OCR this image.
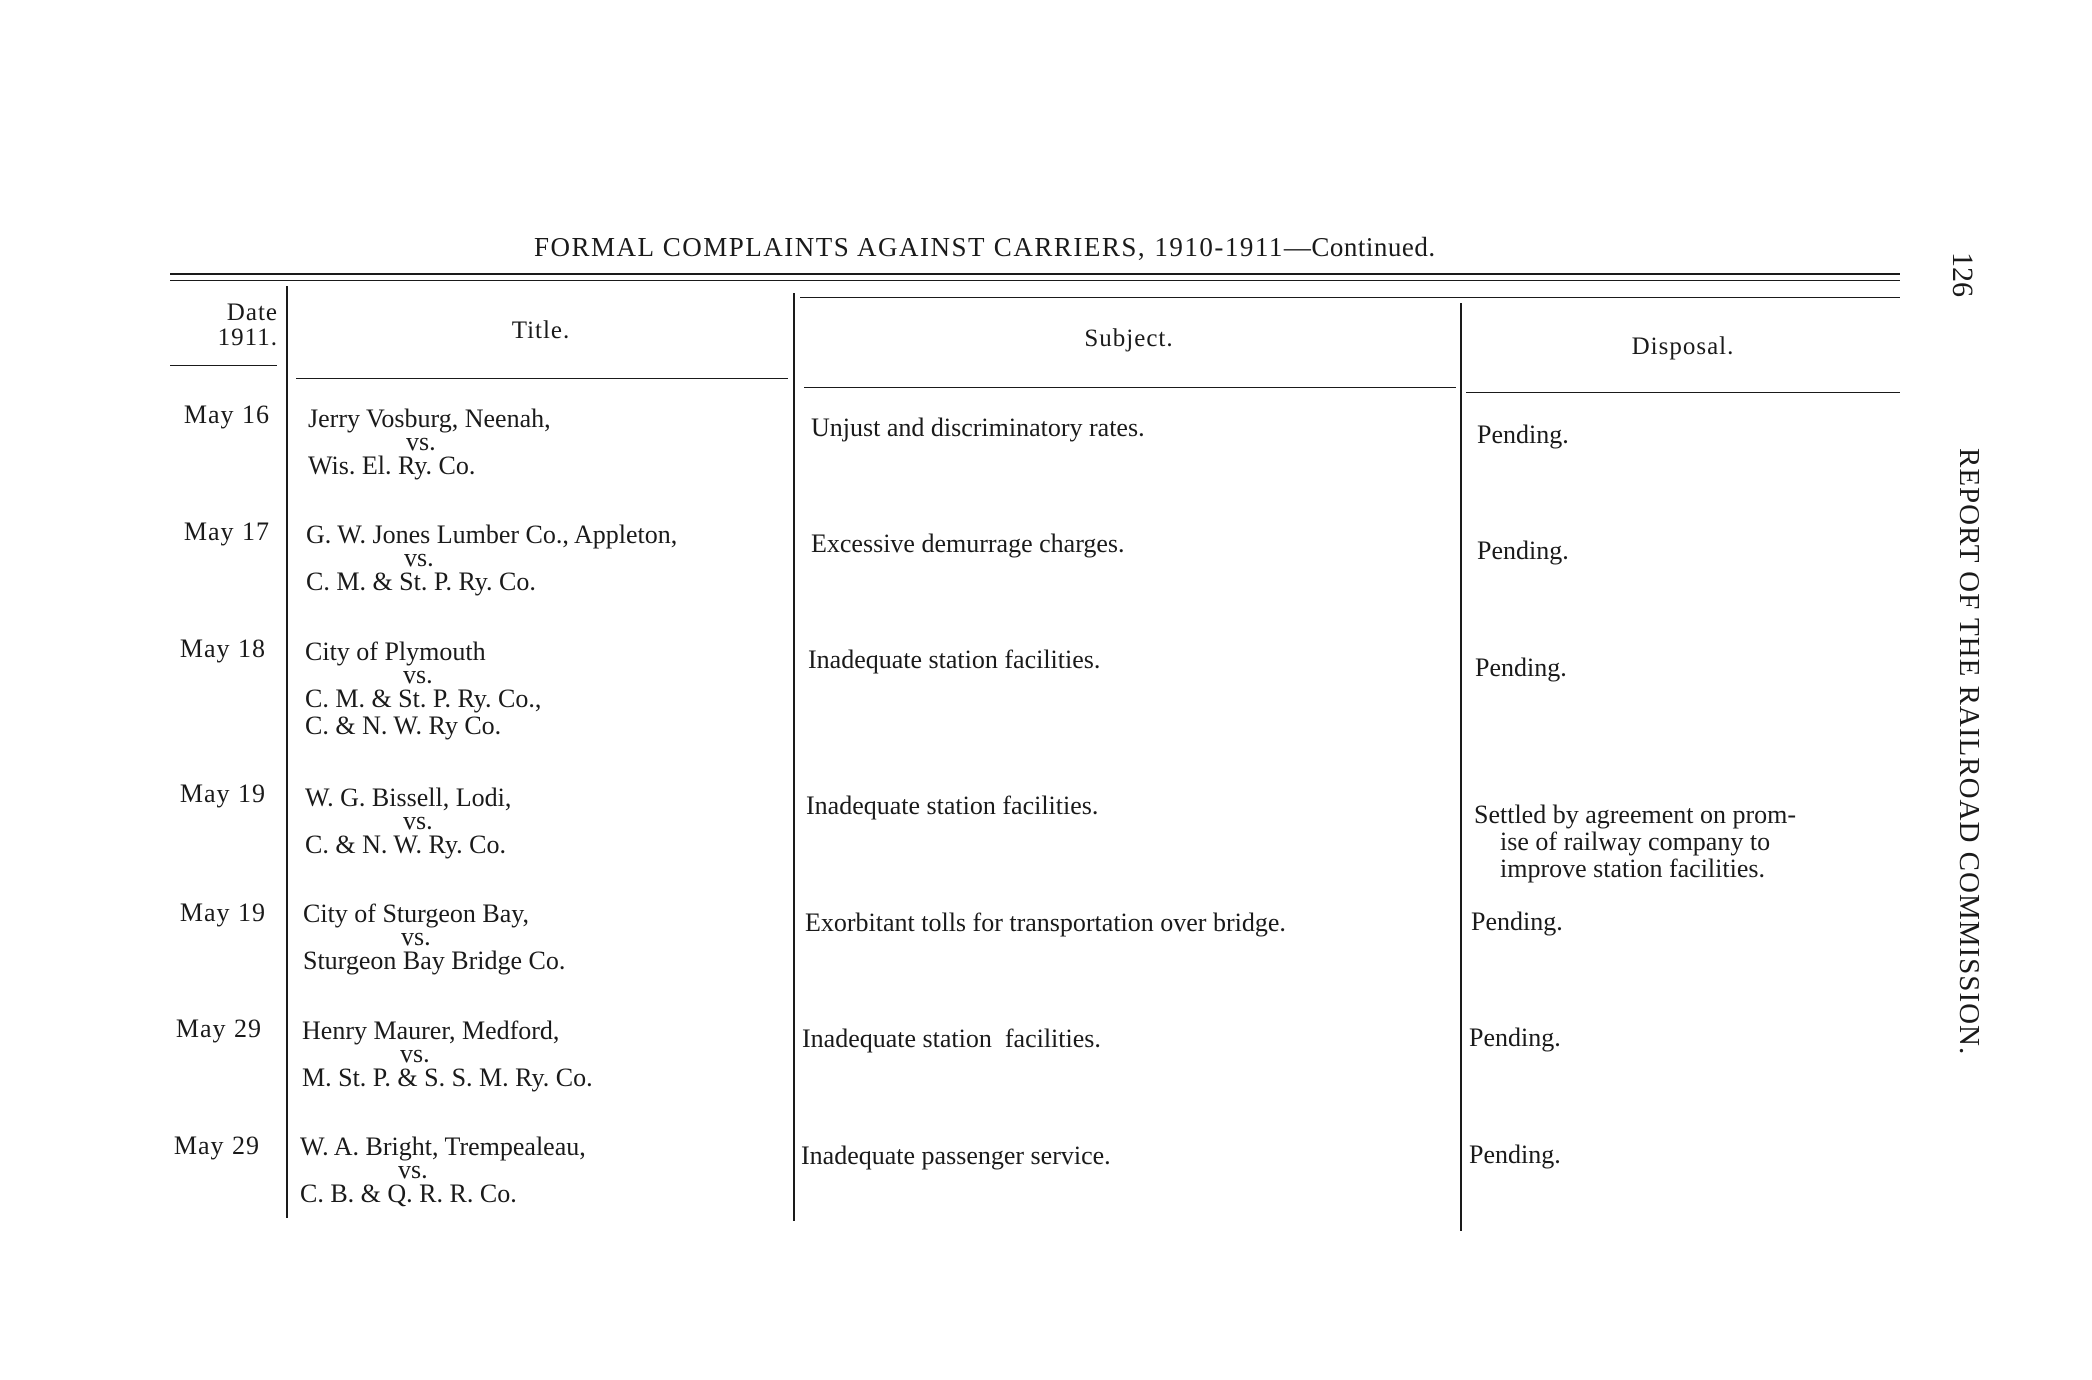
FORMAL COMPLAINTS AGAINST CARRIERS, 1910-1911—Continued.
126
REPORT OF THE RAILROAD COMMISSION.
Date
1911.	Title.	Subject.	Disposal.
May 16 Jerry Vosburg, Neenah,
vs.
Wis. El. Ry. Co.
Unjust and discriminatory rates.	Pending.
May 17 G. W. Jones Lumber Co., Appleton,
vs.
C. M. & St. P. Ry. Co.
Excessive demurrage charges.	Pending.
May 18 City of Plymouth
vs.
C. M. & St. P. Ry. Co.,
C. & N. W. Ry Co.
Inadequate station facilities.	Pending.
May 19 W. G. Bissell, Lodi,
vs.
C. & N. W. Ry. Co.
Inadequate station facilities.	Settled by agreement on prom-
ise of railway company to
improve station facilities.
May 19 City of Sturgeon Bay,
vs.
Sturgeon Bay Bridge Co.
Exorbitant tolls for transportation over bridge.	Pending.
May 29 Henry Maurer, Medford,
vs.
M. St. P. & S. S. M. Ry. Co.
Inadequate station  facilities.	Pending.
May 29 W. A. Bright, Trempealeau,
vs.
C. B. & Q. R. R. Co.
Inadequate passenger service.	Pending.
